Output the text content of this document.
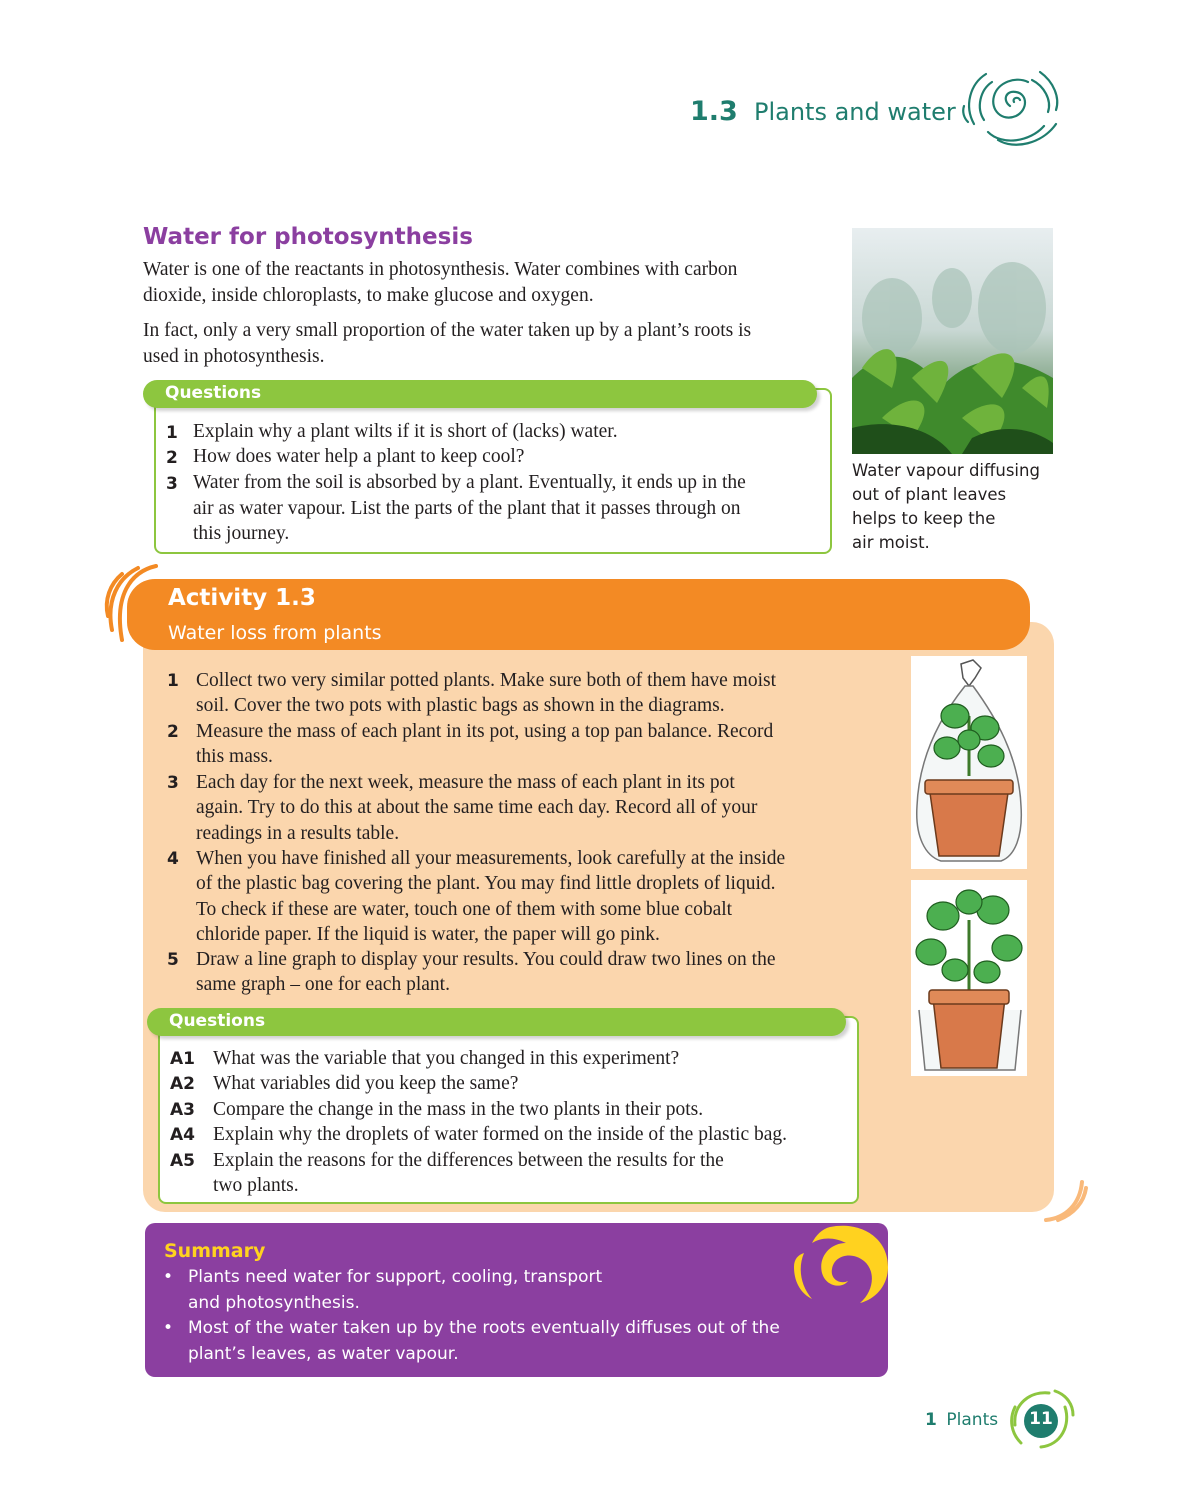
1.3 Plants and water
Water for photosynthesis
Water is one of the reactants in photosynthesis. Water combines with carbon
dioxide, inside chloroplasts, to make glucose and oxygen.
In fact, only a very small proportion of the water taken up by a plant’s roots is
used in photosynthesis.
Water vapour diffusing
out of plant leaves
helps to keep the
air moist.
Questions
1 Explain why a plant wilts if it is short of (lacks) water.
2 How does water help a plant to keep cool?
3 Water from the soil is absorbed by a plant. Eventually, it ends up in the
air as water vapour. List the parts of the plant that it passes through on
this journey.
Activity 1.3
Water loss from plants
1 Collect two very similar potted plants. Make sure both of them have moist
soil. Cover the two pots with plastic bags as shown in the diagrams.
2 Measure the mass of each plant in its pot, using a top pan balance. Record
this mass.
3 Each day for the next week, measure the mass of each plant in its pot
again. Try to do this at about the same time each day. Record all of your
readings in a results table.
4 When you have finished all your measurements, look carefully at the inside
of the plastic bag covering the plant. You may find little droplets of liquid.
To check if these are water, touch one of them with some blue cobalt
chloride paper. If the liquid is water, the paper will go pink.
5 Draw a line graph to display your results. You could draw two lines on the
same graph – one for each plant.
Questions
A1 What was the variable that you changed in this experiment?
A2 What variables did you keep the same?
A3 Compare the change in the mass in the two plants in their pots.
A4 Explain why the droplets of water formed on the inside of the plastic bag.
A5 Explain the reasons for the differences between the results for the
two plants.
Summary
• Plants need water for support, cooling, transport
and photosynthesis.
• Most of the water taken up by the roots eventually diffuses out of the
plant’s leaves, as water vapour.
1 Plants	11
